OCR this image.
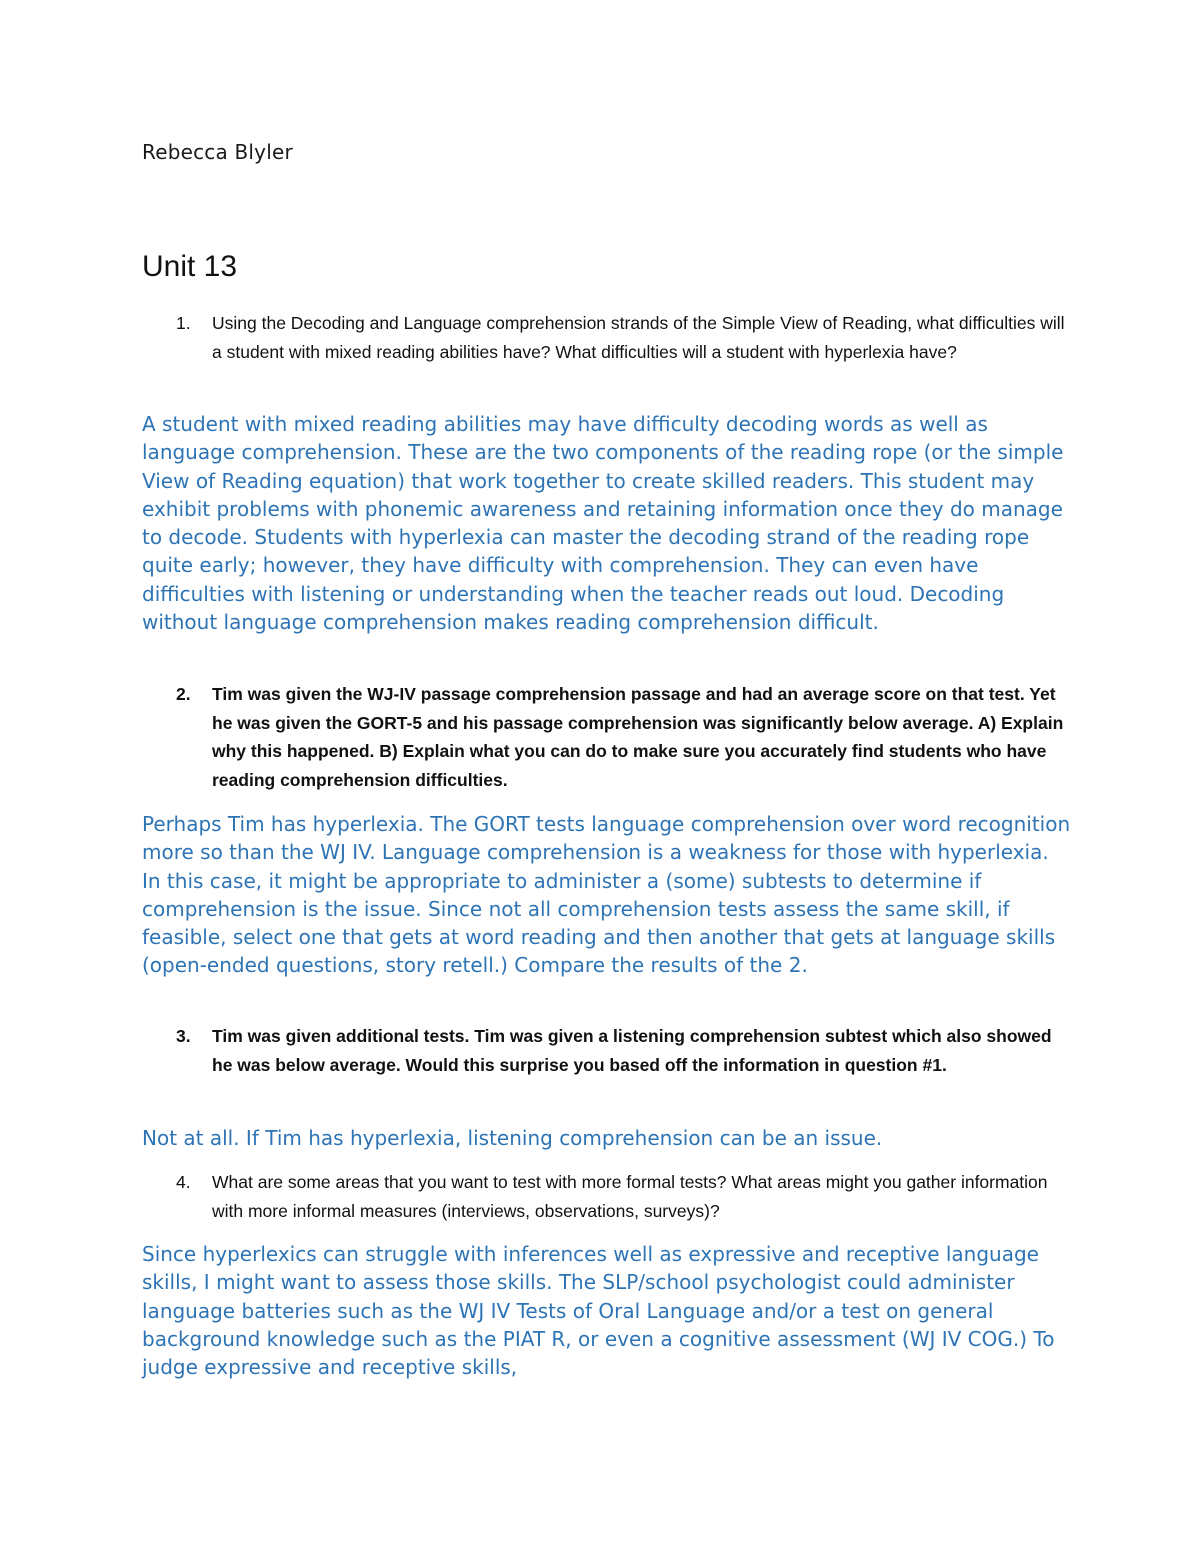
Rebecca Blyler
Unit 13
1. Using the Decoding and Language comprehension strands of the Simple View of Reading, what difficulties will a student with mixed reading abilities have? What difficulties will a student with hyperlexia have?
A student with mixed reading abilities may have difficulty decoding words as well as language comprehension. These are the two components of the reading rope (or the simple View of Reading equation) that work together to create skilled readers. This student may exhibit problems with phonemic awareness and retaining information once they do manage to decode. Students with hyperlexia can master the decoding strand of the reading rope quite early; however, they have difficulty with comprehension. They can even have difficulties with listening or understanding when the teacher reads out loud. Decoding without language comprehension makes reading comprehension difficult.
2. Tim was given the WJ-IV passage comprehension passage and had an average score on that test. Yet he was given the GORT-5 and his passage comprehension was significantly below average. A) Explain why this happened. B) Explain what you can do to make sure you accurately find students who have reading comprehension difficulties.
Perhaps Tim has hyperlexia. The GORT tests language comprehension over word recognition more so than the WJ IV. Language comprehension is a weakness for those with hyperlexia. In this case, it might be appropriate to administer a (some) subtests to determine if comprehension is the issue. Since not all comprehension tests assess the same skill, if feasible, select one that gets at word reading and then another that gets at language skills (open-ended questions, story retell.) Compare the results of the 2.
3. Tim was given additional tests. Tim was given a listening comprehension subtest which also showed he was below average. Would this surprise you based off the information in question #1.
Not at all. If Tim has hyperlexia, listening comprehension can be an issue.
4. What are some areas that you want to test with more formal tests? What areas might you gather information with more informal measures (interviews, observations, surveys)?
Since hyperlexics can struggle with inferences well as expressive and receptive language skills, I might want to assess those skills. The SLP/school psychologist could administer language batteries such as the WJ IV Tests of Oral Language and/or a test on general background knowledge such as the PIAT R, or even a cognitive assessment (WJ IV COG.) To judge expressive and receptive skills,
